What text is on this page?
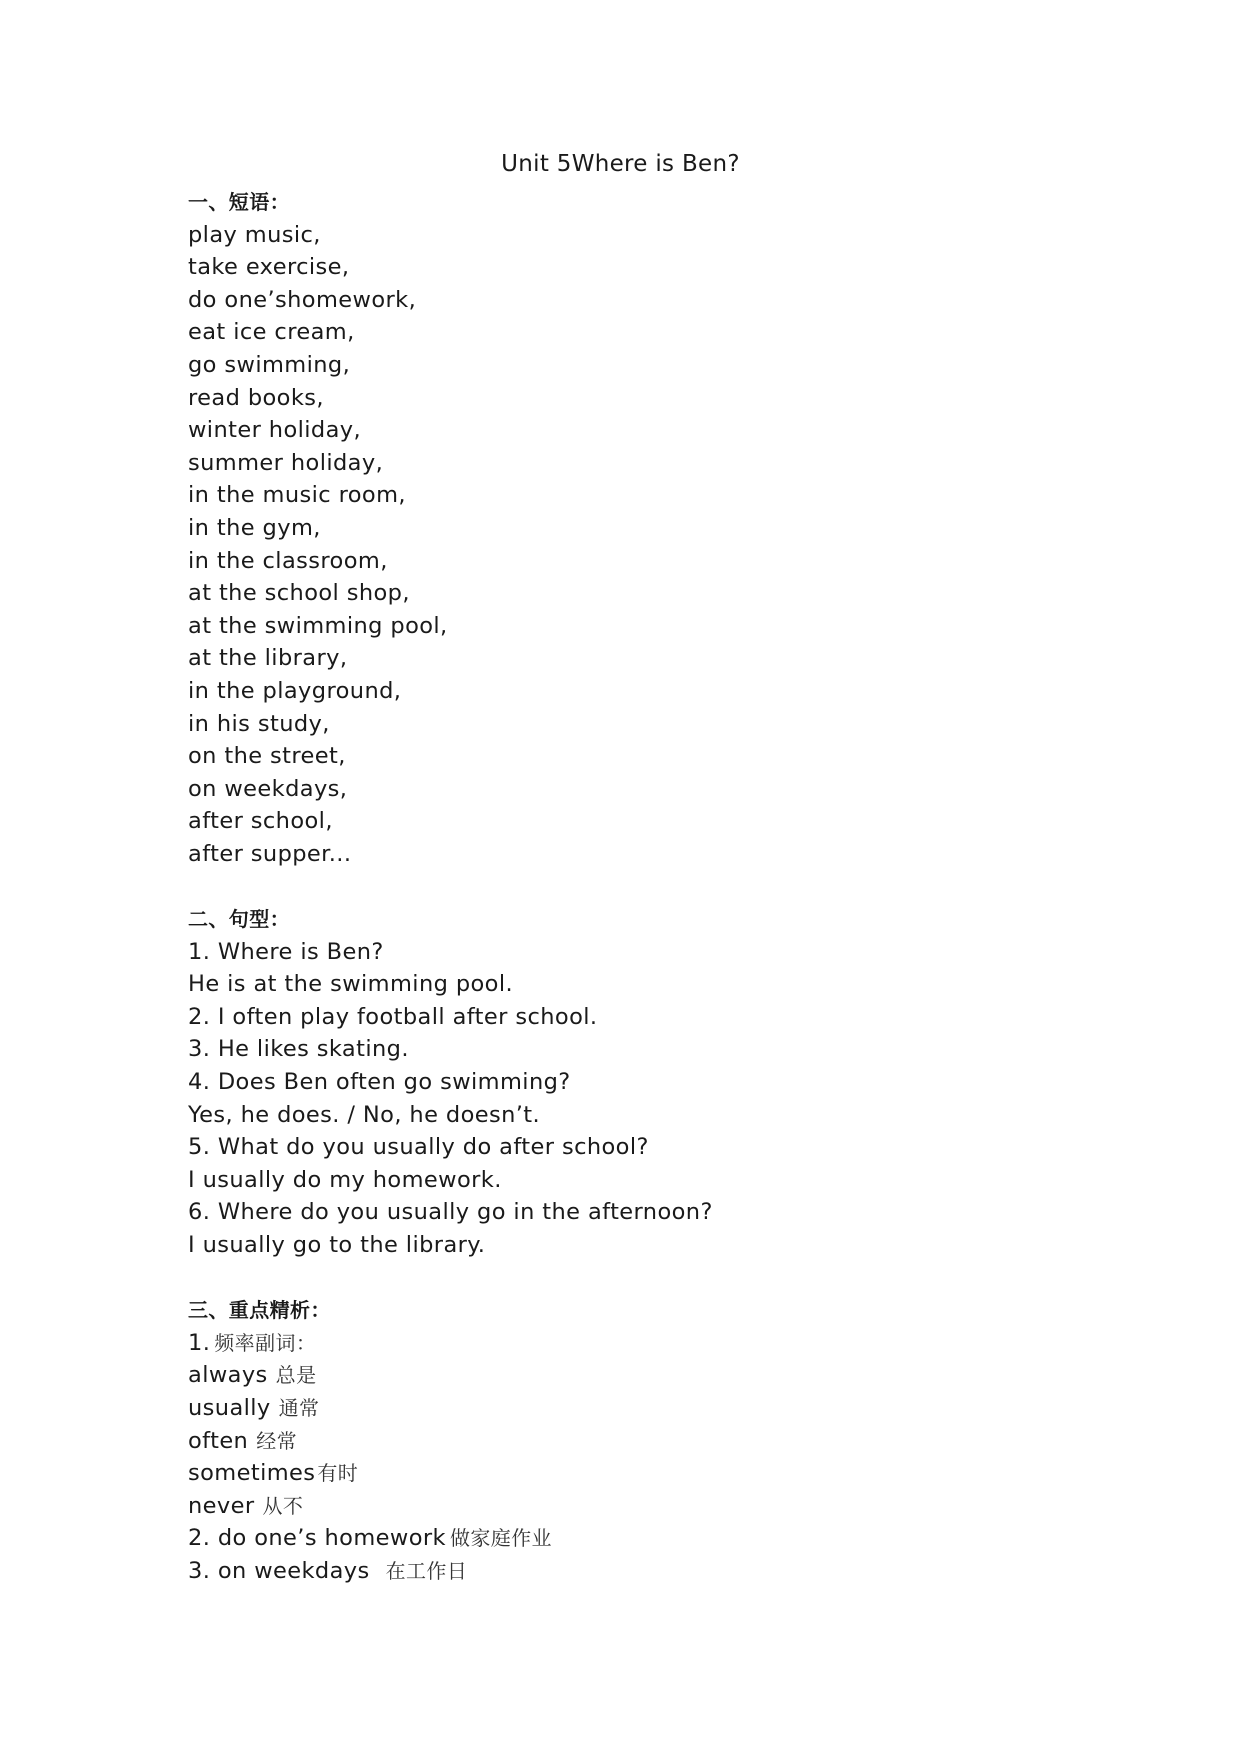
Unit 5Where is Ben?
一、短语：
play music,
take exercise,
do one’shomework,
eat ice cream,
go swimming,
read books,
winter holiday,
summer holiday,
in the music room,
in the gym,
in the classroom,
at the school shop,
at the swimming pool,
at the library,
in the playground,
in his study,
on the street,
on weekdays,
after school,
after supper...
二、句型：
1. Where is Ben?
He is at the swimming pool.
2. I often play football after school.
3. He likes skating.
4. Does Ben often go swimming?
Yes, he does. / No, he doesn’t.
5. What do you usually do after school?
I usually do my homework.
6. Where do you usually go in the afternoon?
I usually go to the library.
三、重点精析：
1. 频率副词：
always 总是
usually 通常
often 经常
sometimes 有时
never 从不
2. do one’s homework 做家庭作业
3. on weekdays 在工作日
